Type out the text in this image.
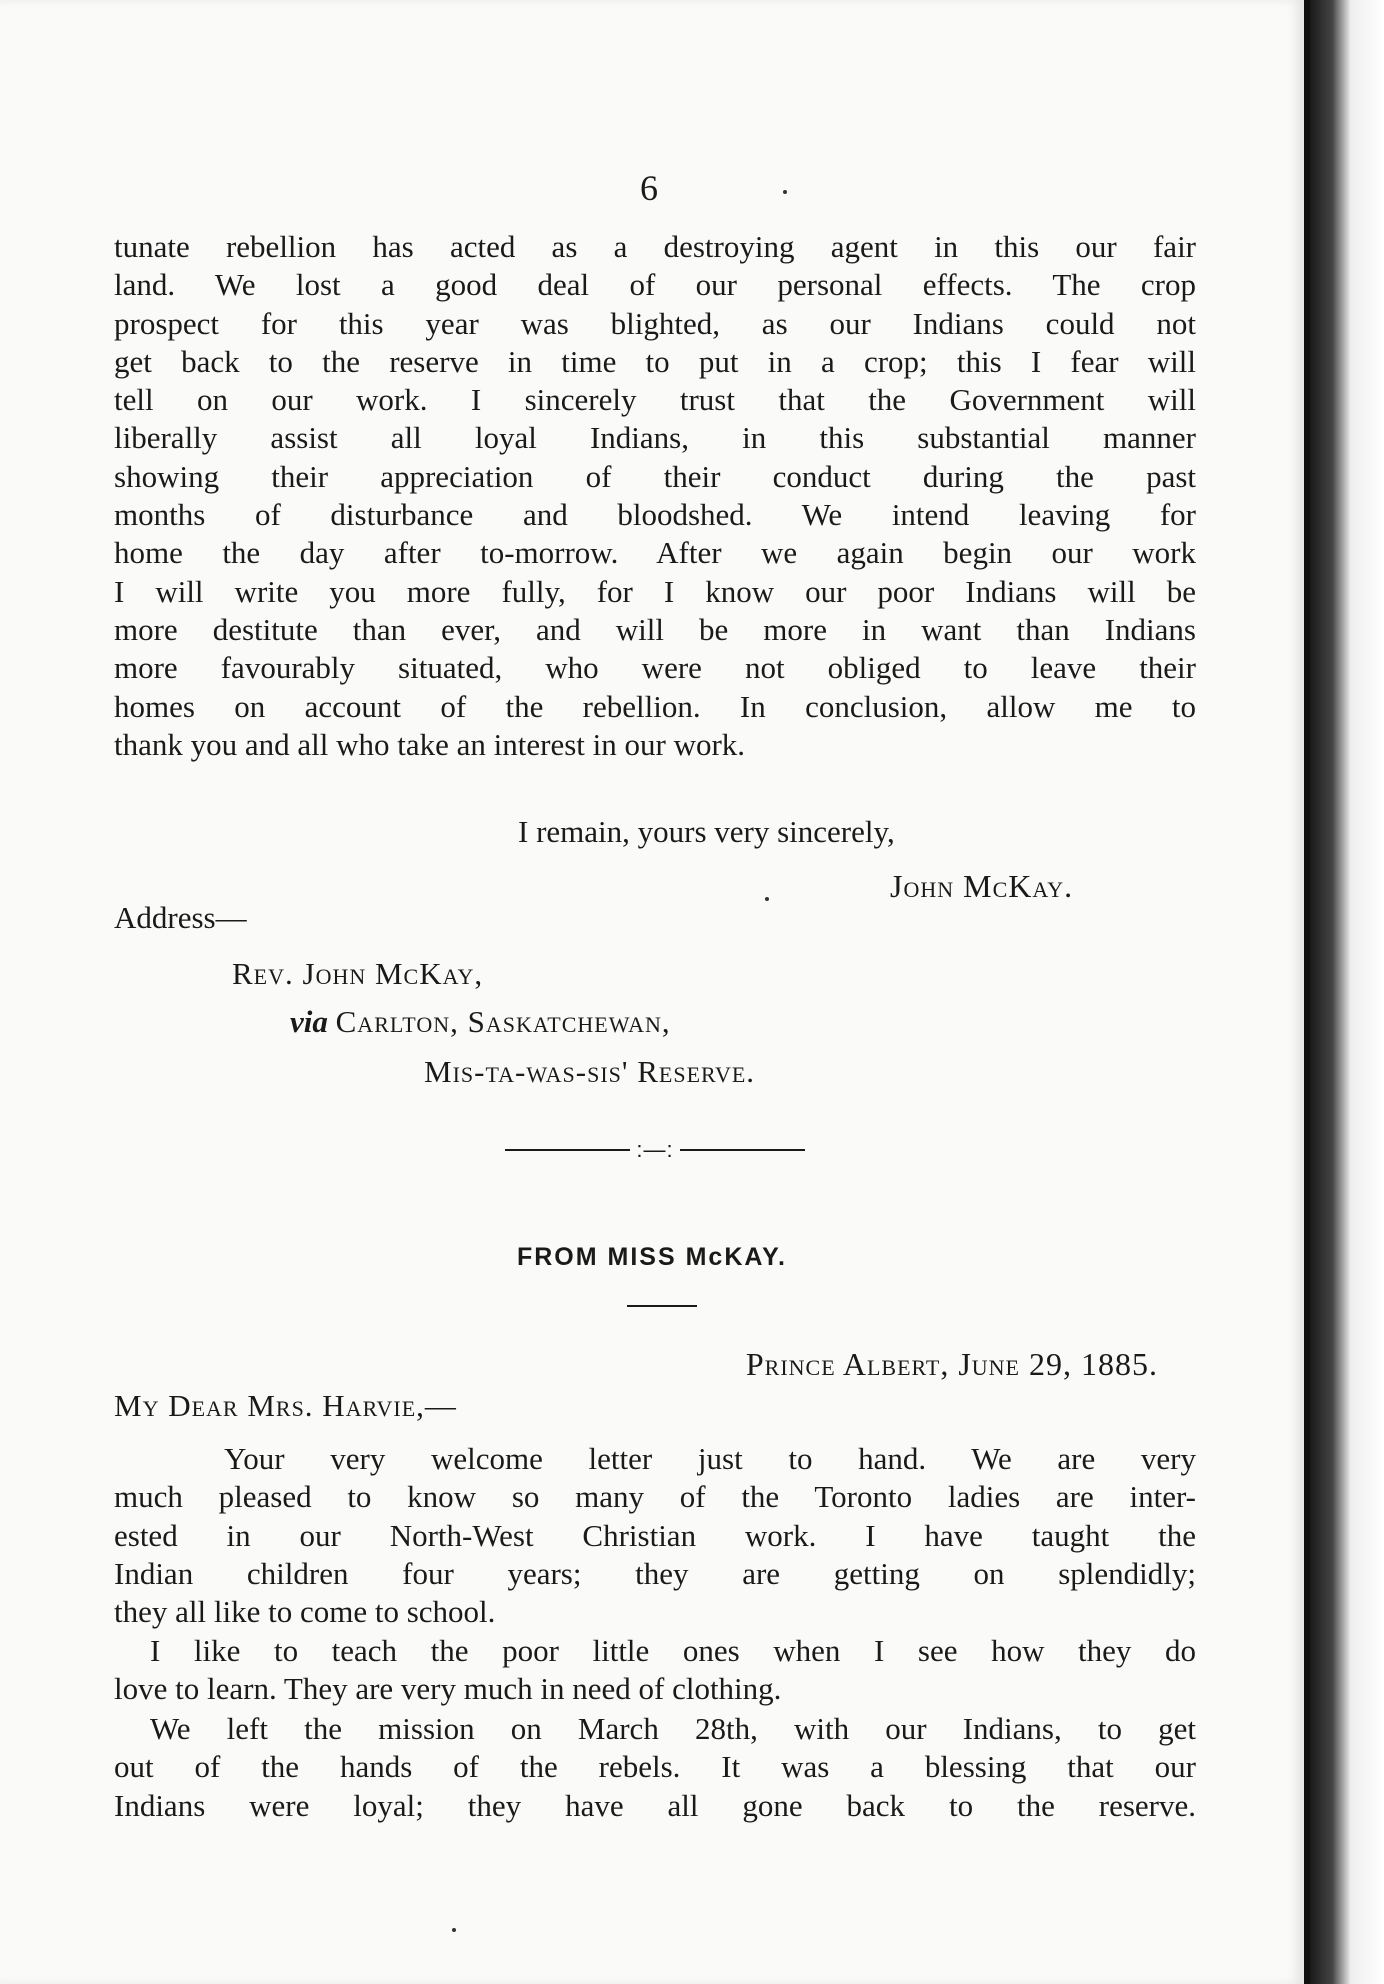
6
tunate rebellion has acted as a destroying agent in this our fair
land. We lost a good deal of our personal effects. The crop
prospect for this year was blighted, as our Indians could not
get back to the reserve in time to put in a crop; this I fear will
tell on our work. I sincerely trust that the Government will
liberally assist all loyal Indians, in this substantial manner
showing their appreciation of their conduct during the past
months of disturbance and bloodshed. We intend leaving for
home the day after to-morrow. After we again begin our work
I will write you more fully, for I know our poor Indians will be
more destitute than ever, and will be more in want than Indians
more favourably situated, who were not obliged to leave their
homes on account of the rebellion. In conclusion, allow me to
thank you and all who take an interest in our work.
I remain, yours very sincerely,
John McKay.
Address—
Rev. John McKay,
via Carlton, Saskatchewan,
Mis-ta-was-sis' Reserve.
:—:
FROM MISS McKAY.
Prince Albert, June 29, 1885.
My Dear Mrs. Harvie,—
Your very welcome letter just to hand. We are very
much pleased to know so many of the Toronto ladies are inter-
ested in our North-West Christian work. I have taught the
Indian children four years; they are getting on splendidly;
they all like to come to school.
I like to teach the poor little ones when I see how they do
love to learn. They are very much in need of clothing.
We left the mission on March 28th, with our Indians, to get
out of the hands of the rebels. It was a blessing that our
Indians were loyal; they have all gone back to the reserve.
